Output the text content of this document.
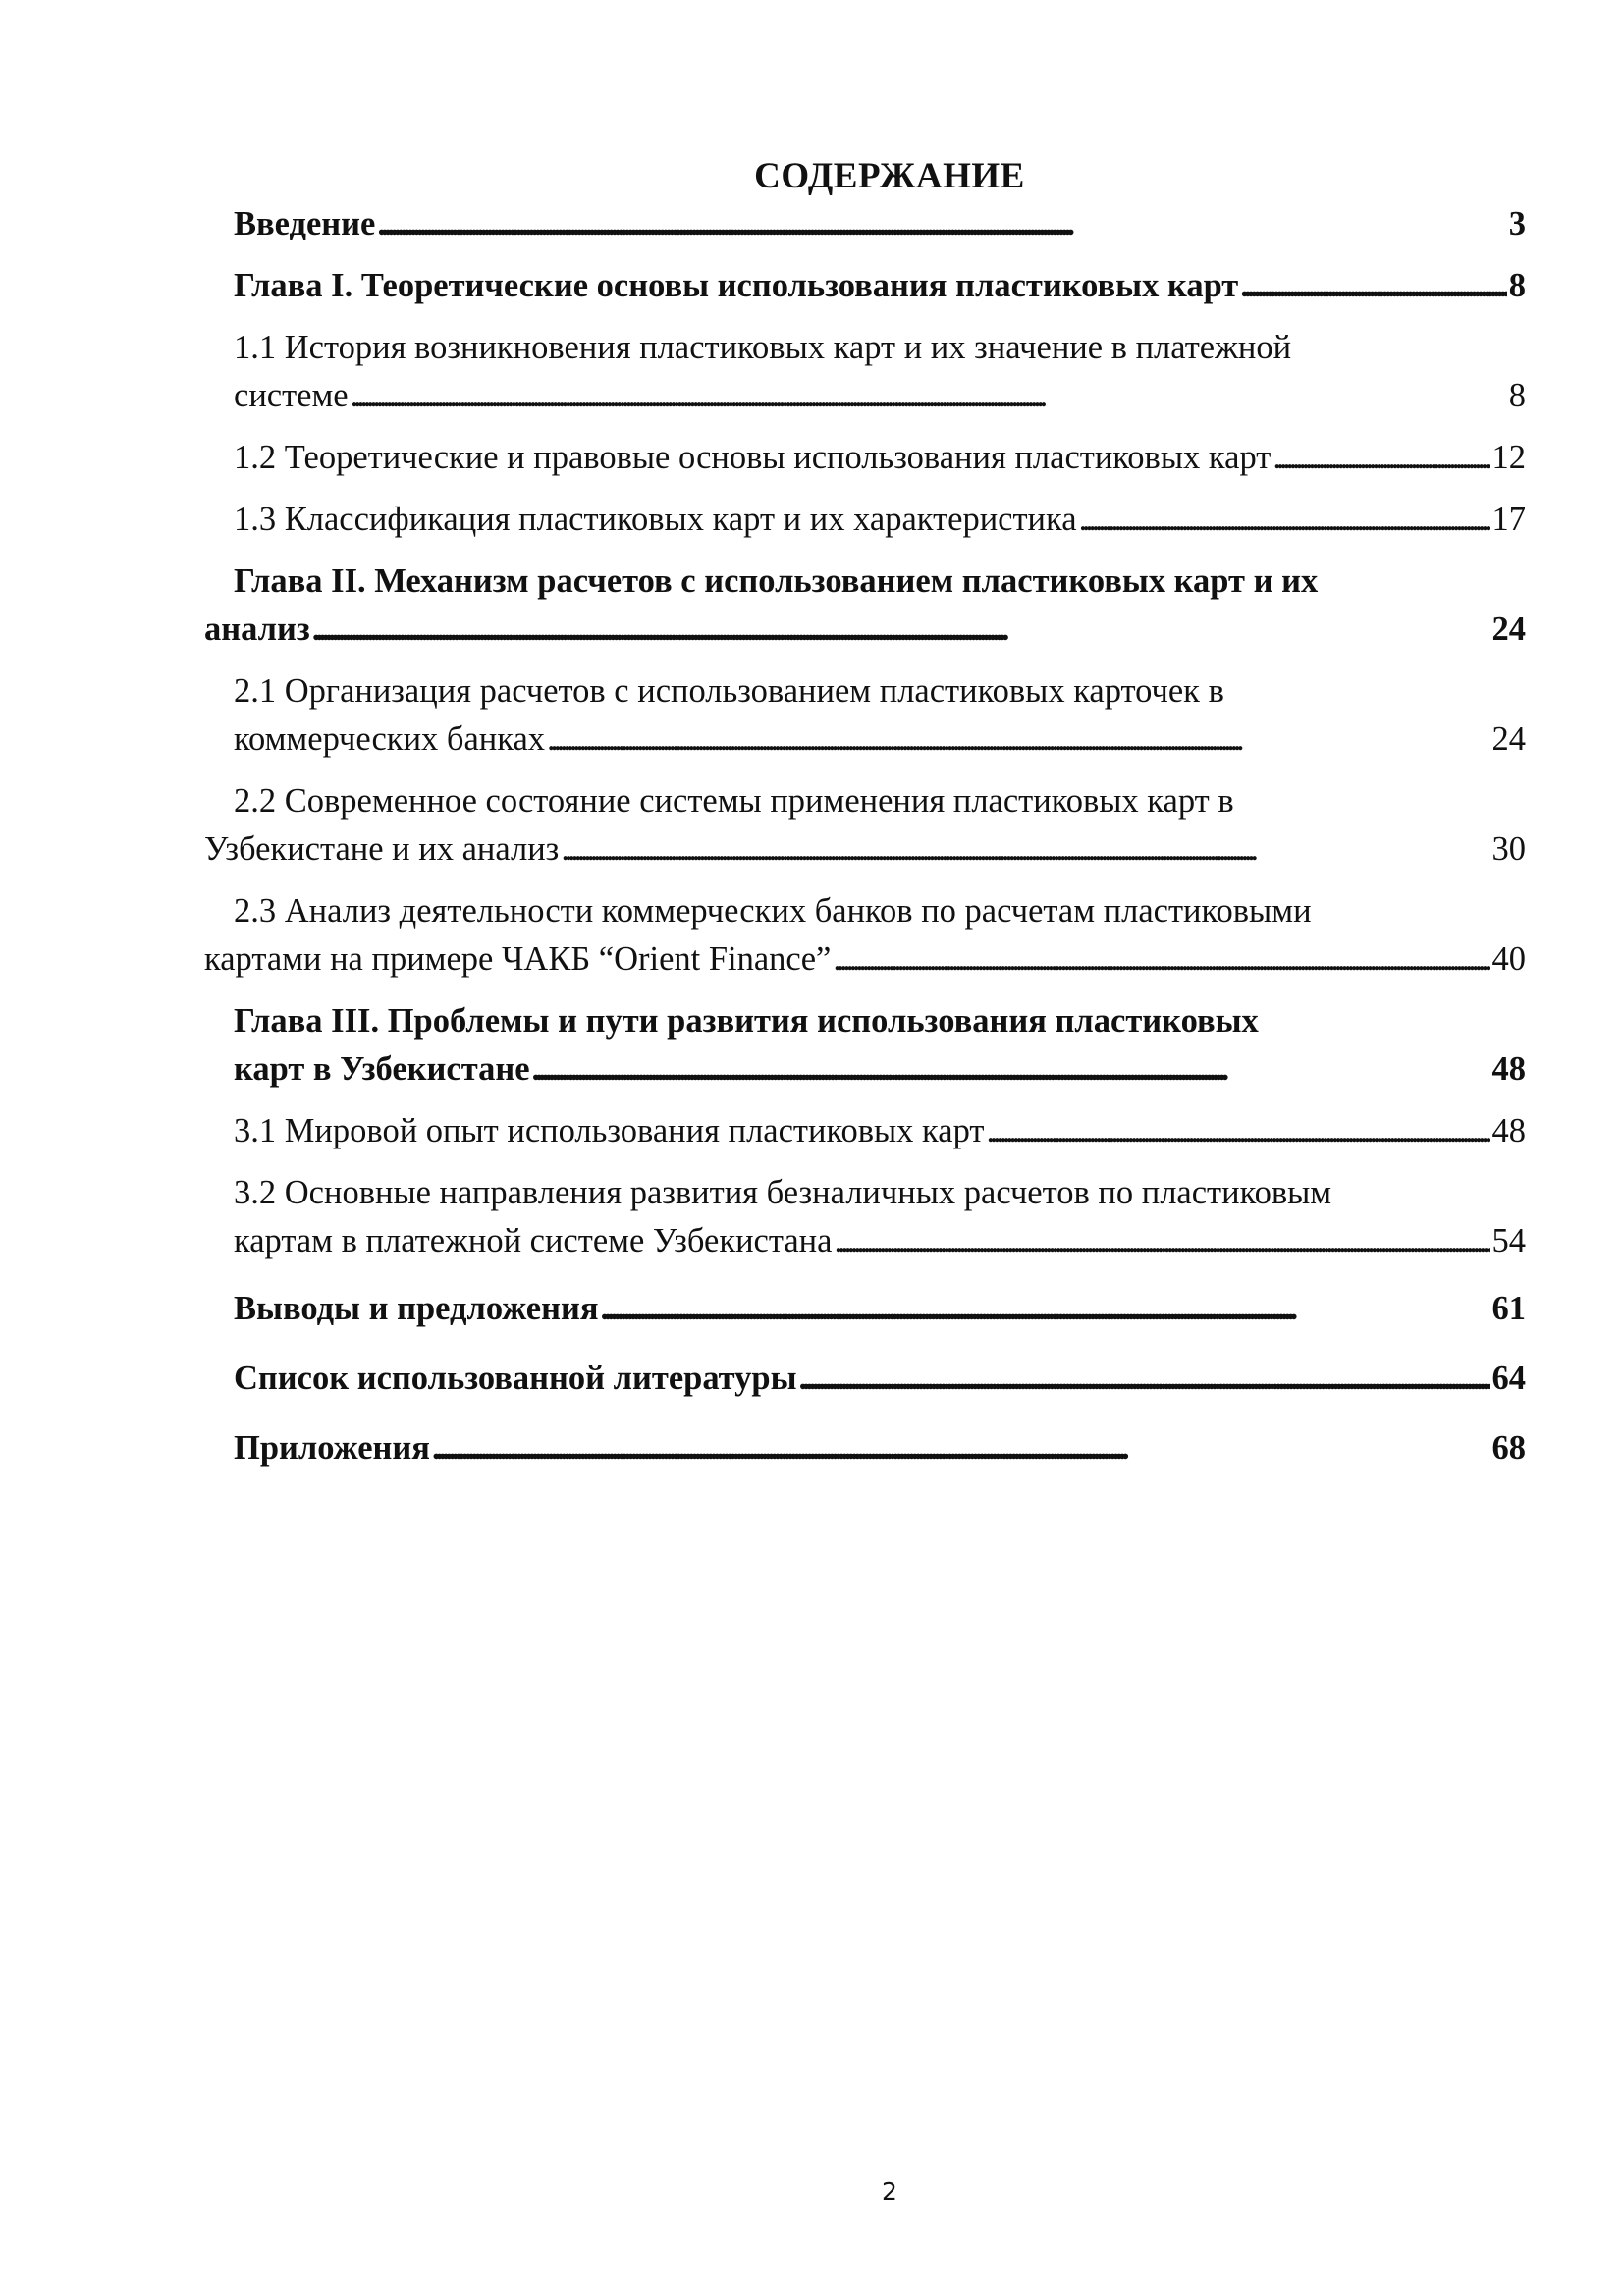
СОДЕРЖАНИЕ
Введение . . .	3
Глава I. Теоретические основы использования пластиковых карт . . .	8
1.1 История возникновения пластиковых карт и их значение в платежной
системе . . .	8
1.2 Теоретические и правовые основы использования пластиковых карт . . .	12
1.3 Классификация пластиковых карт и их характеристика . . .	17
Глава II. Механизм расчетов с использованием пластиковых карт и их
анализ . . .	24
2.1 Организация расчетов с использованием пластиковых карточек в
коммерческих банках . . .	24
2.2 Современное состояние системы применения пластиковых карт в
Узбекистане и их анализ . . .	30
2.3 Анализ деятельности коммерческих банков по расчетам пластиковыми
картами на примере ЧАКБ “Orient Finance” . . .	40
Глава III. Проблемы и пути развития использования пластиковых
карт в Узбекистане . . .	48
3.1 Мировой опыт использования пластиковых карт . . .	48
3.2 Основные направления развития безналичных расчетов по пластиковым
картам в платежной системе Узбекистана . . .	54
Выводы и предложения . . .	61
Список использованной литературы . . .	64
Приложения . . .	68
2
